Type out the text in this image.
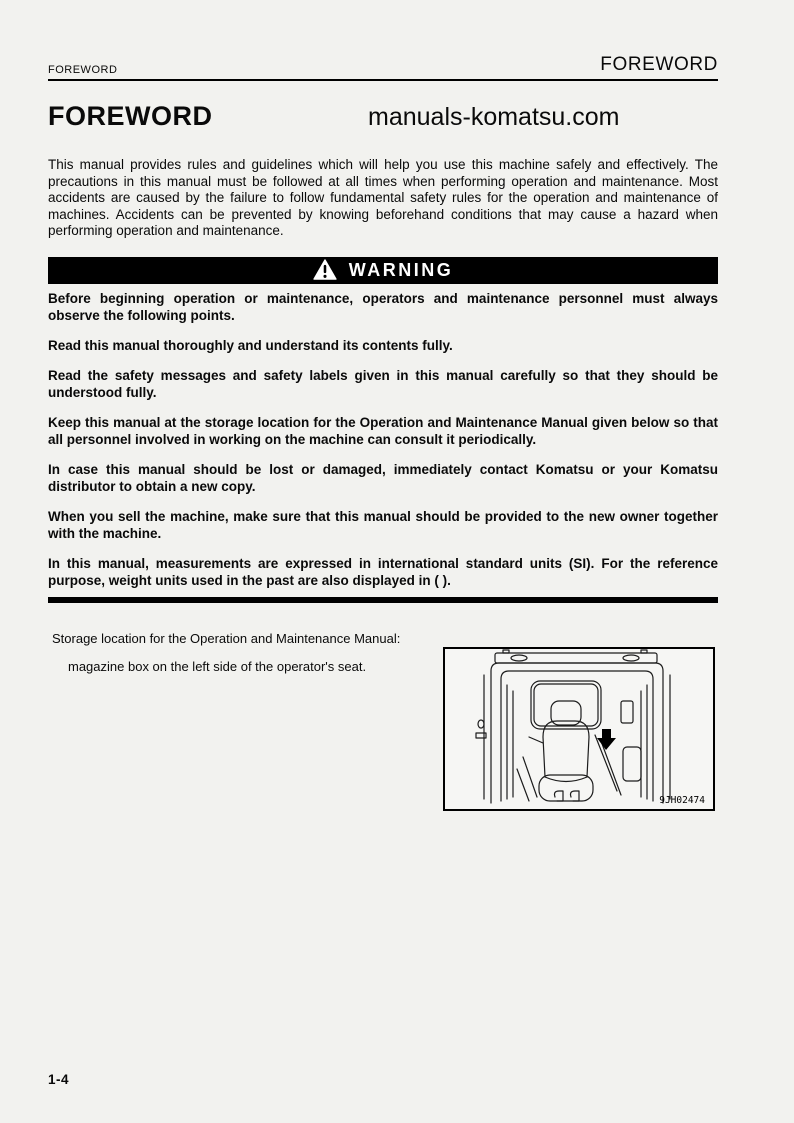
FOREWORD	FOREWORD
FOREWORD	manuals-komatsu.com

This manual provides rules and guidelines which will help you use this machine safely and effectively. The precautions in this manual must be followed at all times when performing operation and maintenance. Most accidents are caused by the failure to follow fundamental safety rules for the operation and maintenance of machines. Accidents can be prevented by knowing beforehand conditions that may cause a hazard when performing operation and maintenance.

WARNING

Before beginning operation or maintenance, operators and maintenance personnel must always observe the following points.

Read this manual thoroughly and understand its contents fully.

Read the safety messages and safety labels given in this manual carefully so that they should be understood fully.

Keep this manual at the storage location for the Operation and Maintenance Manual given below so that all personnel involved in working on the machine can consult it periodically.

In case this manual should be lost or damaged, immediately contact Komatsu or your Komatsu distributor to obtain a new copy.

When you sell the machine, make sure that this manual should be provided to the new owner together with the machine.

In this manual, measurements are expressed in international standard units (SI). For the reference purpose, weight units used in the past are also displayed in ( ).

Storage location for the Operation and Maintenance Manual:

magazine box on the left side of the operator's seat.

9JH02474
1-4
